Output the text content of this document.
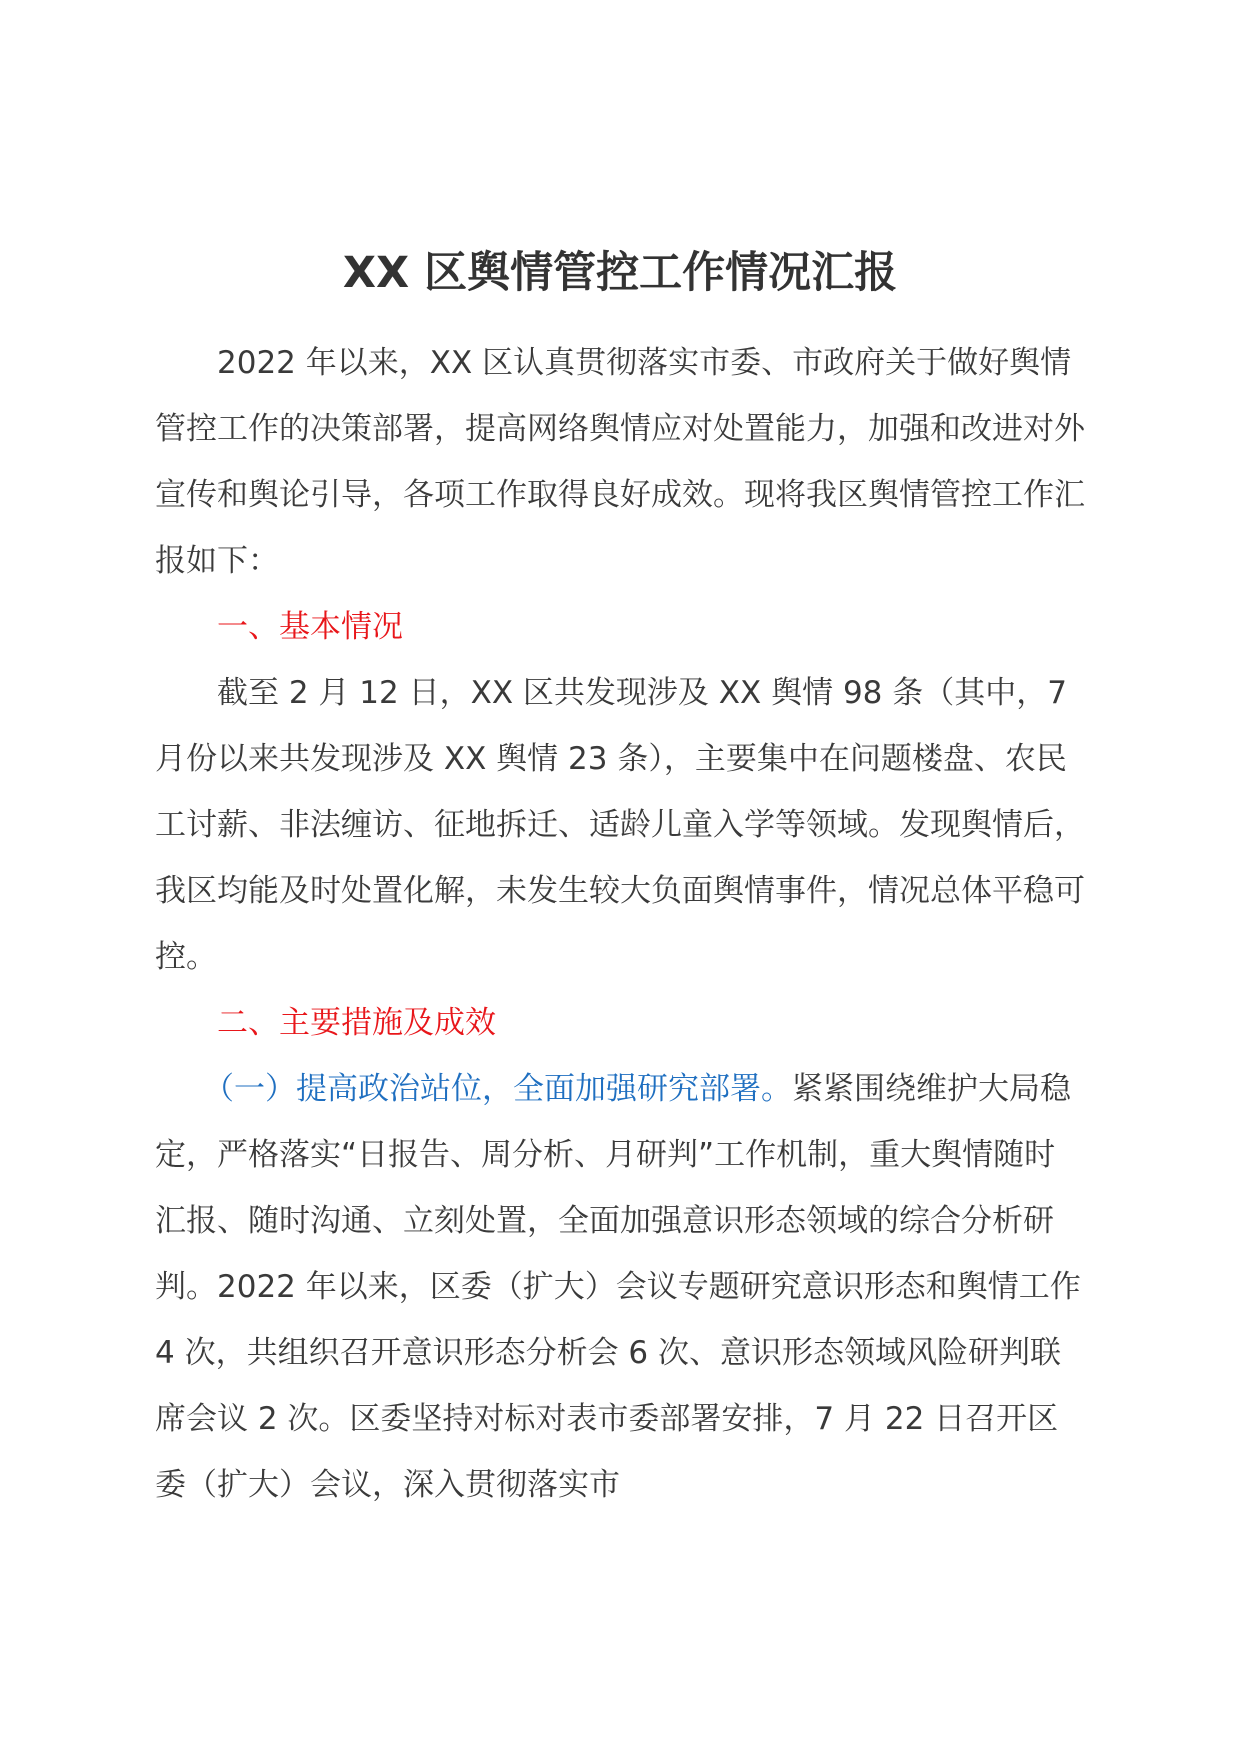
XX 区舆情管控工作情况汇报

2022 年以来，XX 区认真贯彻落实市委、市政府关于做好舆情管控工作的决策部署，提高网络舆情应对处置能力，加强和改进对外宣传和舆论引导，各项工作取得良好成效。现将我区舆情管控工作汇报如下：

一、基本情况

截至 2 月 12 日，XX 区共发现涉及 XX 舆情 98 条（其中，7 月份以来共发现涉及 XX 舆情 23 条），主要集中在问题楼盘、农民工讨薪、非法缠访、征地拆迁、适龄儿童入学等领域。发现舆情后，我区均能及时处置化解，未发生较大负面舆情事件，情况总体平稳可控。

二、主要措施及成效

（一）提高政治站位，全面加强研究部署。紧紧围绕维护大局稳定，严格落实“日报告、周分析、月研判”工作机制，重大舆情随时汇报、随时沟通、立刻处置，全面加强意识形态领域的综合分析研判。2022 年以来，区委（扩大）会议专题研究意识形态和舆情工作 4 次，共组织召开意识形态分析会 6 次、意识形态领域风险研判联席会议 2 次。区委坚持对标对表市委部署安排，7 月 22 日召开区委（扩大）会议，深入贯彻落实市
